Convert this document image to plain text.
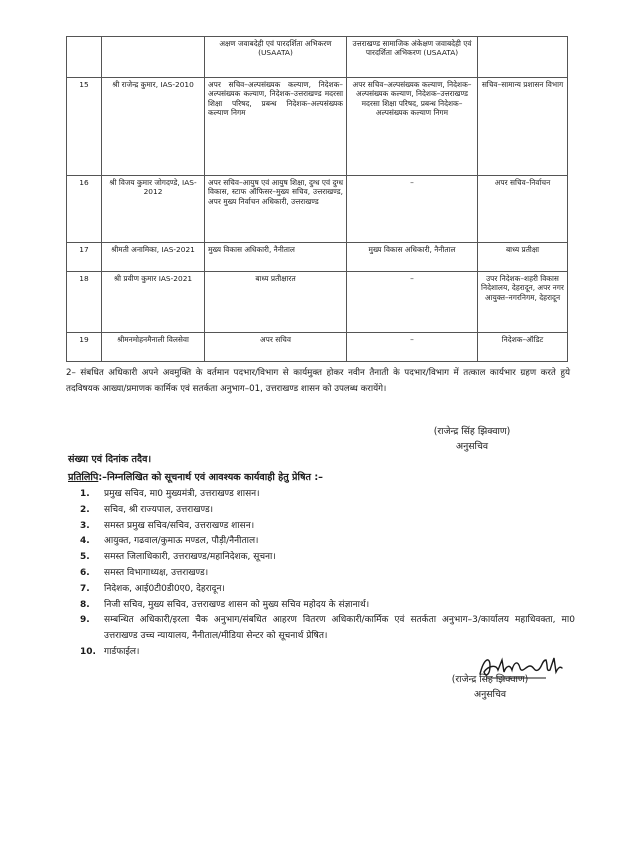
		अक्षण जवाबदेही एवं पारदर्शिता अभिकरण (USAATA)	उत्तराखण्ड सामाजिक अंकेक्षण जवाबदेही एवं पारदर्शिता अभिकरण (USAATA)	
15	श्री राजेन्द्र कुमार, IAS-2010	अपर सचिव–अल्पसंख्यक कल्याण, निदेशक–अल्पसंख्यक कल्याण, निदेशक–उत्तराखण्ड मदरसा शिक्षा परिषद, प्रबन्ध निदेशक–अल्पसंख्यक कल्याण निगम	अपर सचिव–अल्पसंख्यक कल्याण, निदेशक–अल्पसंख्यक कल्याण, निदेशक–उत्तराखण्ड मदरसा शिक्षा परिषद, प्रबन्ध निदेशक–अल्पसंख्यक कल्याण निगम	सचिव–सामान्य प्रशासन विभाग
16	श्री विजय कुमार जोगदण्डे, IAS-2012	अपर सचिव–आयुष एवं आयुष शिक्षा, दुग्ध एवं दुग्ध विकास, स्टाफ ऑफिसर–मुख्य सचिव, उत्तराखण्ड, अपर मुख्य निर्वाचन अधिकारी, उत्तराखण्ड	–	अपर सचिव–निर्वाचन
17	श्रीमती अनामिका, IAS-2021	मुख्य विकास अधिकारी, नैनीताल	मुख्य विकास अधिकारी, नैनीताल	बाध्य प्रतीक्षा
18	श्री प्रवीण कुमार IAS-2021	बाध्य प्रतीक्षारत	–	उपर निदेशक–शहरी विकास निदेशालय, देहरादून, अपर नगर आयुक्त–नगरनिगम, देहरादून
19	श्रीमनमोहनमैनाली विलसेवा	अपर सचिव	–	निदेशक–ऑडिट

2– संबधित अधिकारी अपने अवमुक्ति के वर्तमान पदभार/विभाग से कार्यमुक्त होकर नवीन तैनाती के पदभार/विभाग में तत्काल कार्यभार ग्रहण करते हुये तदविषयक आख्या/प्रमाणक कार्मिक एवं सतर्कता अनुभाग–01, उत्तराखण्ड शासन को उपलब्ध करायेंगे।

(राजेन्द्र सिंह झिक्वाण)
अनुसचिव
संख्या एवं दिनांक तदैव।
प्रतिलिपि:–निम्नलिखित को सूचनार्थ एवं आवश्यक कार्यवाही हेतु प्रेषित :–
1. प्रमुख सचिव, मा0 मुख्यमंत्री, उत्तराखण्ड शासन।
2. सचिव, श्री राज्यपाल, उत्तराखण्ड।
3. समस्त प्रमुख सचिव/सचिव, उत्तराखण्ड शासन।
4. आयुक्त, गढवाल/कुमाऊ मण्डल, पौड़ी/नैनीताल।
5. समस्त जिलाधिकारी, उत्तराखण्ड/महानिदेशक, सूचना।
6. समस्त विभागाध्यक्ष, उत्तराखण्ड।
7. निदेशक, आई0टी0डी0ए0, देहरादून।
8. निजी सचिव, मुख्य सचिव, उत्तराखण्ड शासन को मुख्य सचिव महोदय के संज्ञानार्थ।
9. सम्बन्धित अधिकारी/इरला चैक अनुभाग/संबधित आहरण वितरण अधिकारी/कार्मिक एवं सतर्कता अनुभाग–3/कार्यालय महाधिवक्ता, मा0 उत्तराखण्ड उच्च न्यायालय, नैनीताल/मीडिया सेन्टर को सूचनार्थ प्रेषित।
10. गार्डफाईल।
(राजेन्द्र सिंह झिक्वाण)
अनुसचिव
